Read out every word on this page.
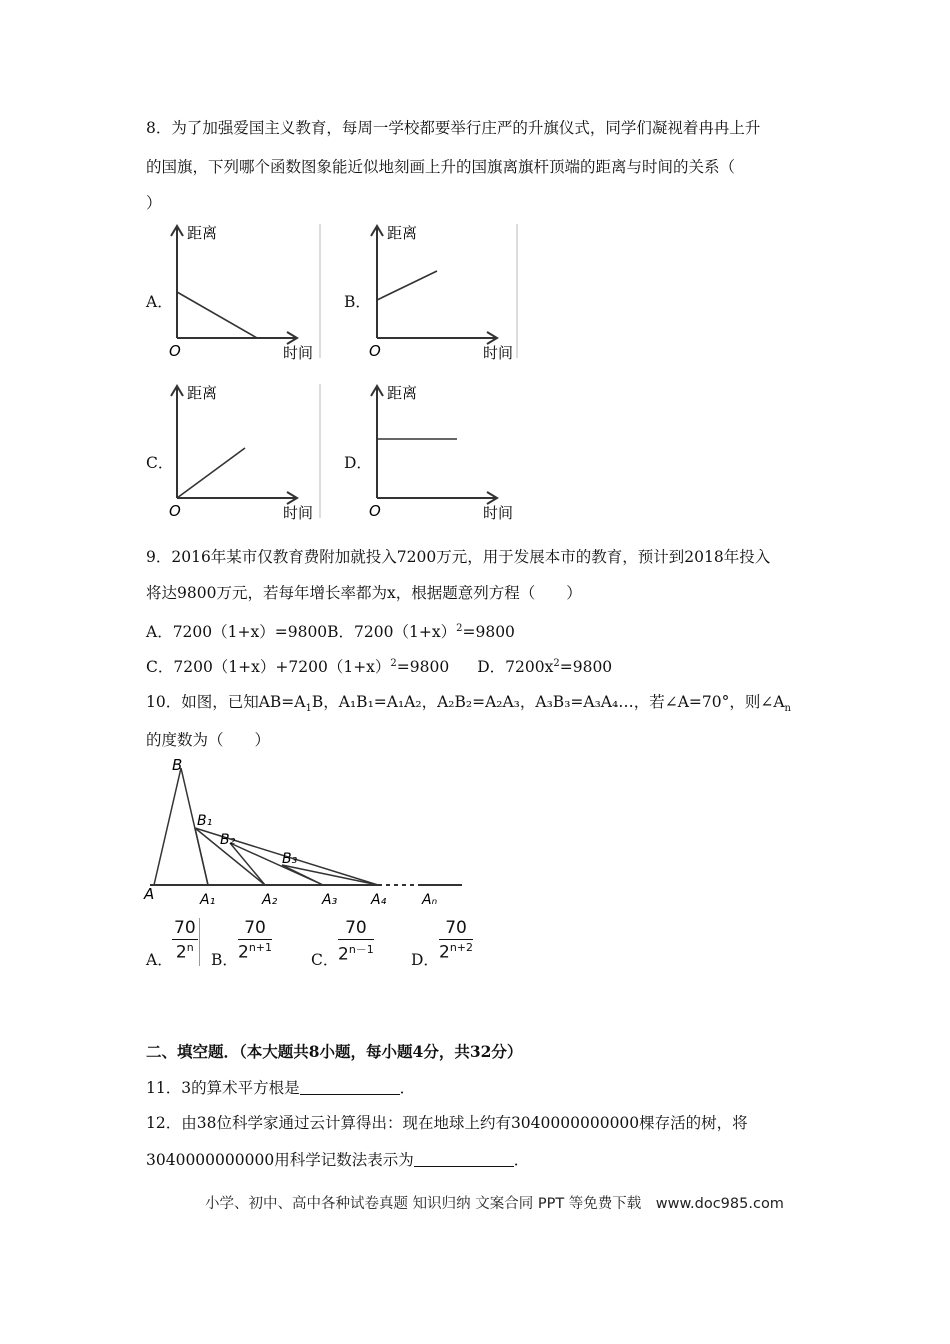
8．为了加强爱国主义教育，每周一学校都要举行庄严的升旗仪式，同学们凝视着冉冉上升
的国旗，下列哪个函数图象能近似地刻画上升的国旗离旗杆顶端的距离与时间的关系（
）
A．
距离
时间
O
B．
距离
时间
O
C．
距离
时间
O
D．
距离
时间
O
9．2016年某市仅教育费附加就投入7200万元，用于发展本市的教育，预计到2018年投入
将达9800万元，若每年增长率都为x，根据题意列方程（　　）
A．7200（1+x）=9800B．$7200(1+x)^2=9800$
C．$7200(1+x)+7200(1+x)^2=9800$ D．$7200x^2=9800$
10．如图，已知$AB=A_1B$，A₁B₁=A₁A₂，A₂B₂=A₂A₃，A₃B₃=A₃A₄…，若∠A=70°，则$\angle A_n$
的度数为（　　）
B
B₁
B₂
B₃
A	A₁	A₂	A₃ A₄	Aₙ
A． $\frac{70}{2^n}$ B． $\frac{70}{2^{n+1}}$	C． $\frac{70}{2^{n-1}}$ D． $\frac{70}{2^{n+2}}$
二、填空题．（本大题共8小题，每小题4分，共32分）
11．3的算术平方根是	．
12．由38位科学家通过云计算得出：现在地球上约有3040000000000棵存活的树，将
3040000000000用科学记数法表示为	．
小学、初中、高中各种试卷真题 知识归纳 文案合同 PPT 等免费下载　www.doc985.com
